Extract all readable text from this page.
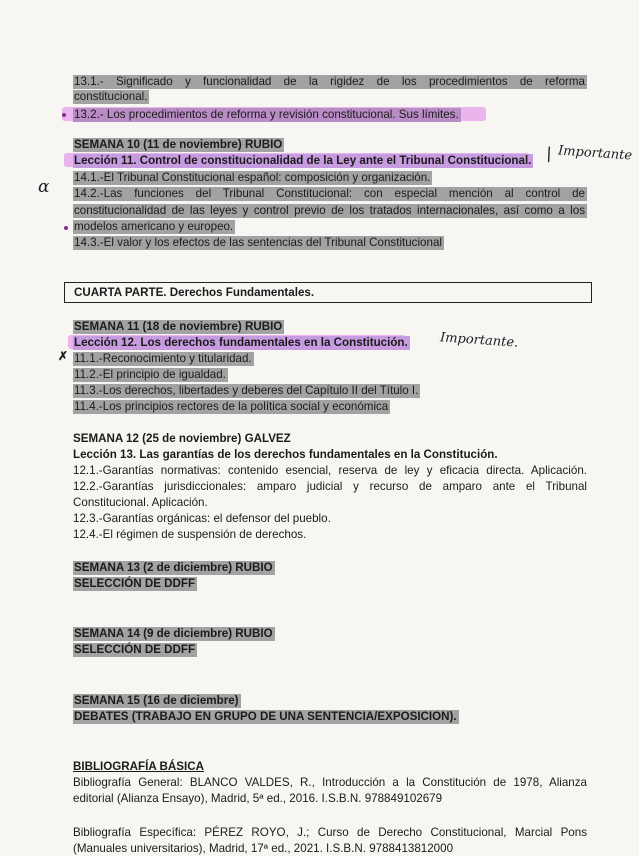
13.1.- Significado y funcionalidad de la rigidez de los procedimientos de reforma
constitucional.
13.2.- Los procedimientos de reforma y revisión constitucional. Sus límites.
SEMANA 10 (11 de noviembre) RUBIO
Lección 11. Control de constitucionalidad de la Ley ante el Tribunal Constitucional.
14.1.-El Tribunal Constitucional español: composición y organización.
14.2.-Las funciones del Tribunal Constitucional: con especial mención al control de
constitucionalidad de las leyes y control previo de los tratados internacionales, así como a los
modelos americano y europeo.
14.3.-El valor y los efectos de las sentencias del Tribunal Constitucional
CUARTA PARTE. Derechos Fundamentales.
SEMANA 11 (18 de noviembre) RUBIO
Lección 12. Los derechos fundamentales en la Constitución.
11.1.-Reconocimiento y titularidad.
11.2.-El principio de igualdad.
11.3.-Los derechos, libertades y deberes del Capítulo II del Título I.
11.4.-Los principios rectores de la política social y económica
SEMANA 12 (25 de noviembre) GALVEZ
Lección 13. Las garantías de los derechos fundamentales en la Constitución.
12.1.-Garantías normativas: contenido esencial, reserva de ley y eficacia directa. Aplicación.
12.2.-Garantías jurisdiccionales: amparo judicial y recurso de amparo ante el Tribunal
Constitucional. Aplicación.
12.3.-Garantías orgánicas: el defensor del pueblo.
12.4.-El régimen de suspensión de derechos.
SEMANA 13 (2 de diciembre) RUBIO
SELECCIÓN DE DDFF
SEMANA 14 (9 de diciembre) RUBIO
SELECCIÓN DE DDFF
SEMANA 15 (16 de diciembre)
DEBATES (TRABAJO EN GRUPO DE UNA SENTENCIA/EXPOSICION).
BIBLIOGRAFÍA BÁSICA
Bibliografía General: BLANCO VALDES, R., Introducción a la Constitución de 1978, Alianza
editorial (Alianza Ensayo), Madrid, 5ª ed., 2016. I.S.B.N. 978849102679
Bibliografía Específica: PÉREZ ROYO, J.; Curso de Derecho Constitucional, Marcial Pons
(Manuales universitarios), Madrid, 17ª ed., 2021. I.S.B.N. 9788413812000
/ Importante
Importante.
α
✗
